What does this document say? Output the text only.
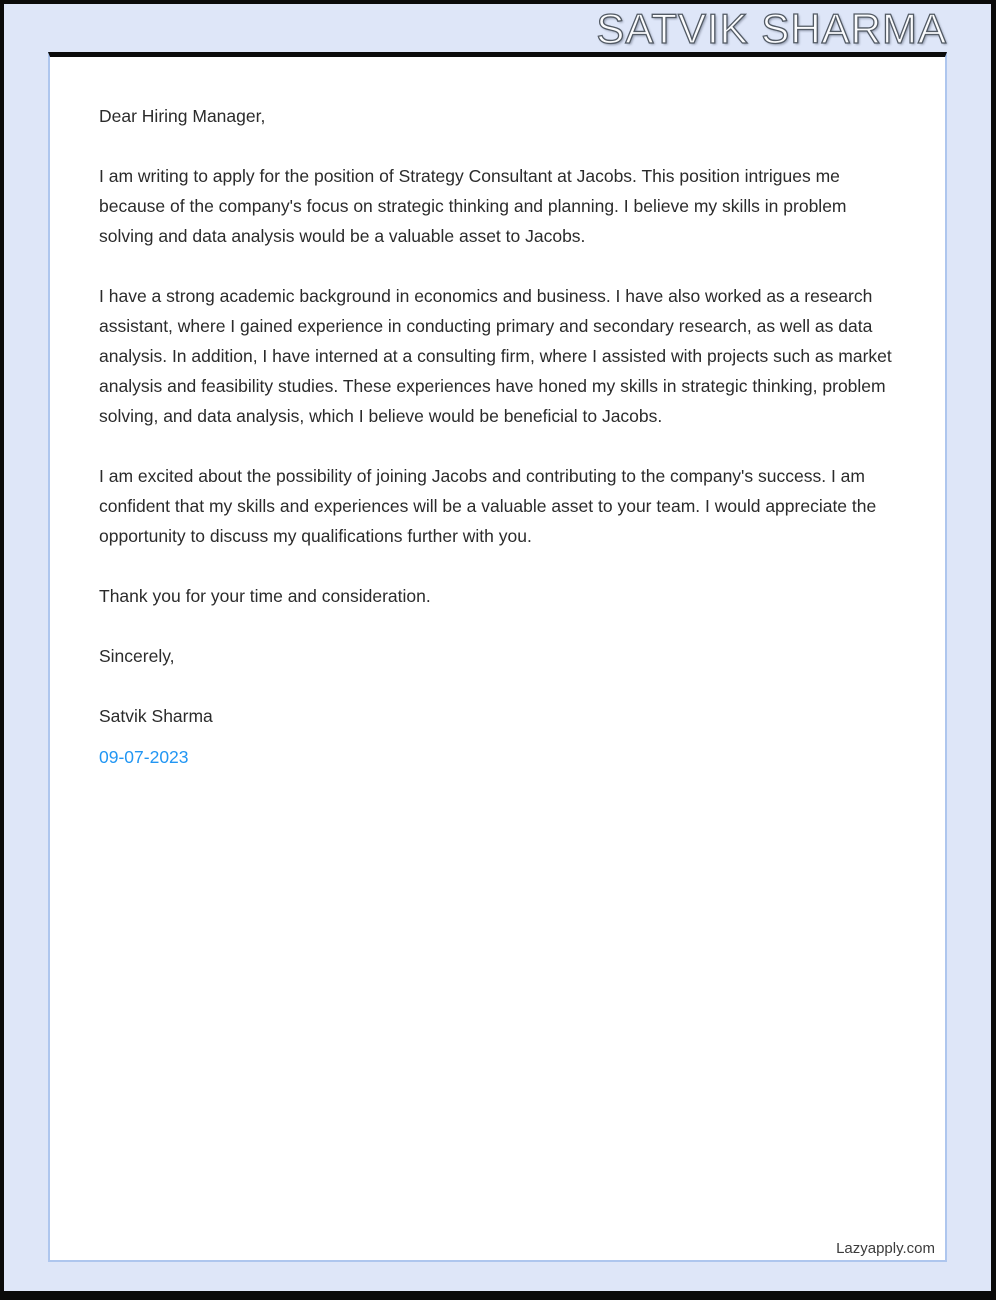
SATVIK SHARMA

Dear Hiring Manager,

I am writing to apply for the position of Strategy Consultant at Jacobs. This position intrigues me because of the company's focus on strategic thinking and planning. I believe my skills in problem solving and data analysis would be a valuable asset to Jacobs.

I have a strong academic background in economics and business. I have also worked as a research assistant, where I gained experience in conducting primary and secondary research, as well as data analysis. In addition, I have interned at a consulting firm, where I assisted with projects such as market analysis and feasibility studies. These experiences have honed my skills in strategic thinking, problem solving, and data analysis, which I believe would be beneficial to Jacobs.

I am excited about the possibility of joining Jacobs and contributing to the company's success. I am confident that my skills and experiences will be a valuable asset to your team. I would appreciate the opportunity to discuss my qualifications further with you.

Thank you for your time and consideration.

Sincerely,

Satvik Sharma

09-07-2023

Lazyapply.com
